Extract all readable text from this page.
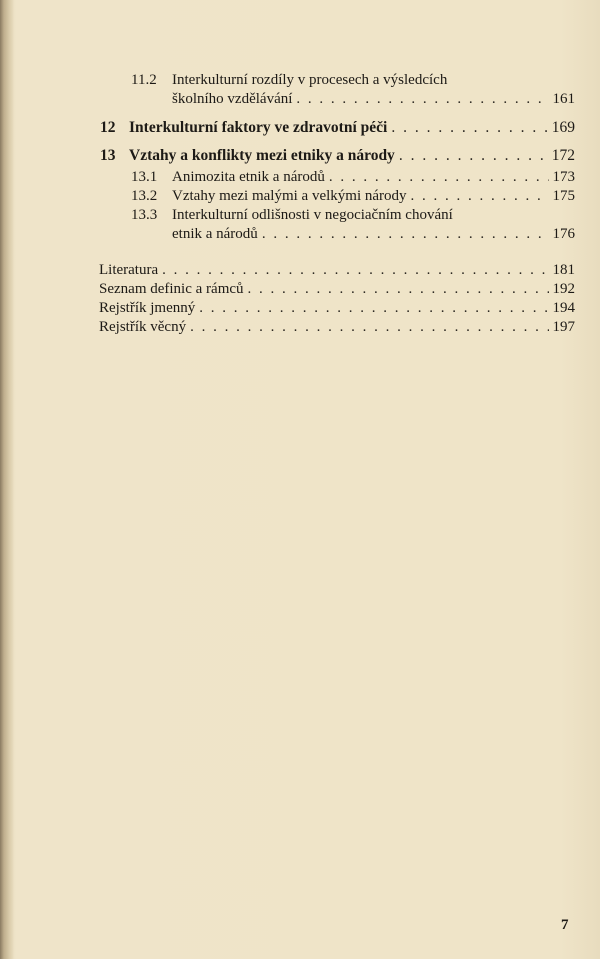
11.2 Interkulturní rozdíly v procesech a výsledcích
školního vzdělávání . . .	161
12 Interkulturní faktory ve zdravotní péči . . .	169
13 Vztahy a konflikty mezi etniky a národy . . .	172
13.1 Animozita etnik a národů . . .	173
13.2 Vztahy mezi malými a velkými národy . . .	175
13.3 Interkulturní odlišnosti v negociačním chování
etnik a národů . . .	176
Literatura . . .	181
Seznam definic a rámců . . .	192
Rejstřík jmenný . . .	194
Rejstřík věcný . . .	197
7
